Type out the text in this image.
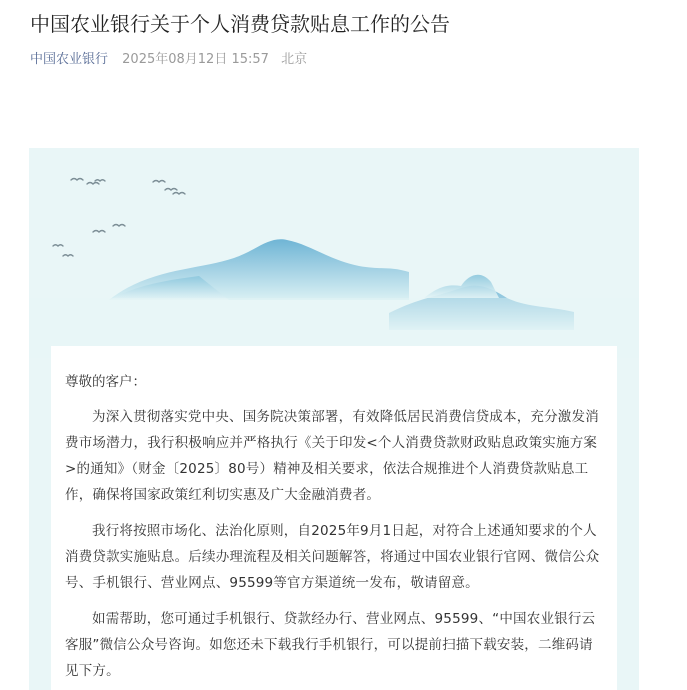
中国农业银行关于个人消费贷款贴息工作的公告
中国农业银行 2025年08月12日 15:57 北京
尊敬的客户：

为深入贯彻落实党中央、国务院决策部署，有效降低居民消费信贷成本，充分激发消费市场潜力，我行积极响应并严格执行《关于印发<个人消费贷款财政贴息政策实施方案>的通知》（财金〔2025〕80号）精神及相关要求，依法合规推进个人消费贷款贴息工作，确保将国家政策红利切实惠及广大金融消费者。

我行将按照市场化、法治化原则，自2025年9月1日起，对符合上述通知要求的个人消费贷款实施贴息。后续办理流程及相关问题解答，将通过中国农业银行官网、微信公众号、手机银行、营业网点、95599等官方渠道统一发布，敬请留意。

如需帮助，您可通过手机银行、贷款经办行、营业网点、95599、“中国农业银行云客服”微信公众号咨询。如您还未下载我行手机银行，可以提前扫描下载安装，二维码请见下方。
